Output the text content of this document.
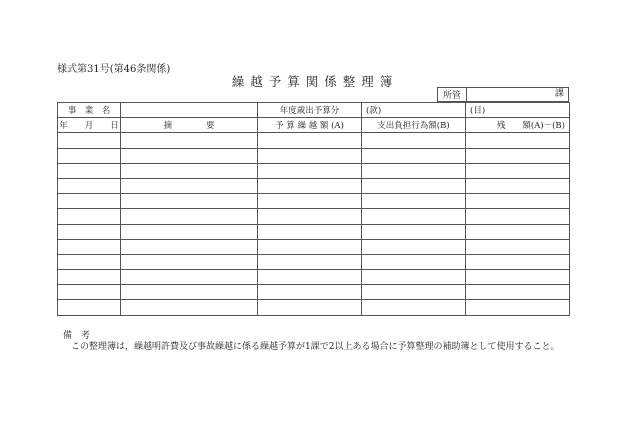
様式第31号(第46条関係)
繰越予算関係整理簿
所管	課
事　業　名		年度歳出予算分	(款)	(目)
年　　月　　日	摘　　　　要	予 算 繰 越 額 (A)	支出負担行為額(B)	残　　額(A)－(B)

備　考
この整理簿は，繰越明許費及び事故繰越に係る繰越予算が1課で2以上ある場合に予算整理の補助簿として使用すること。
